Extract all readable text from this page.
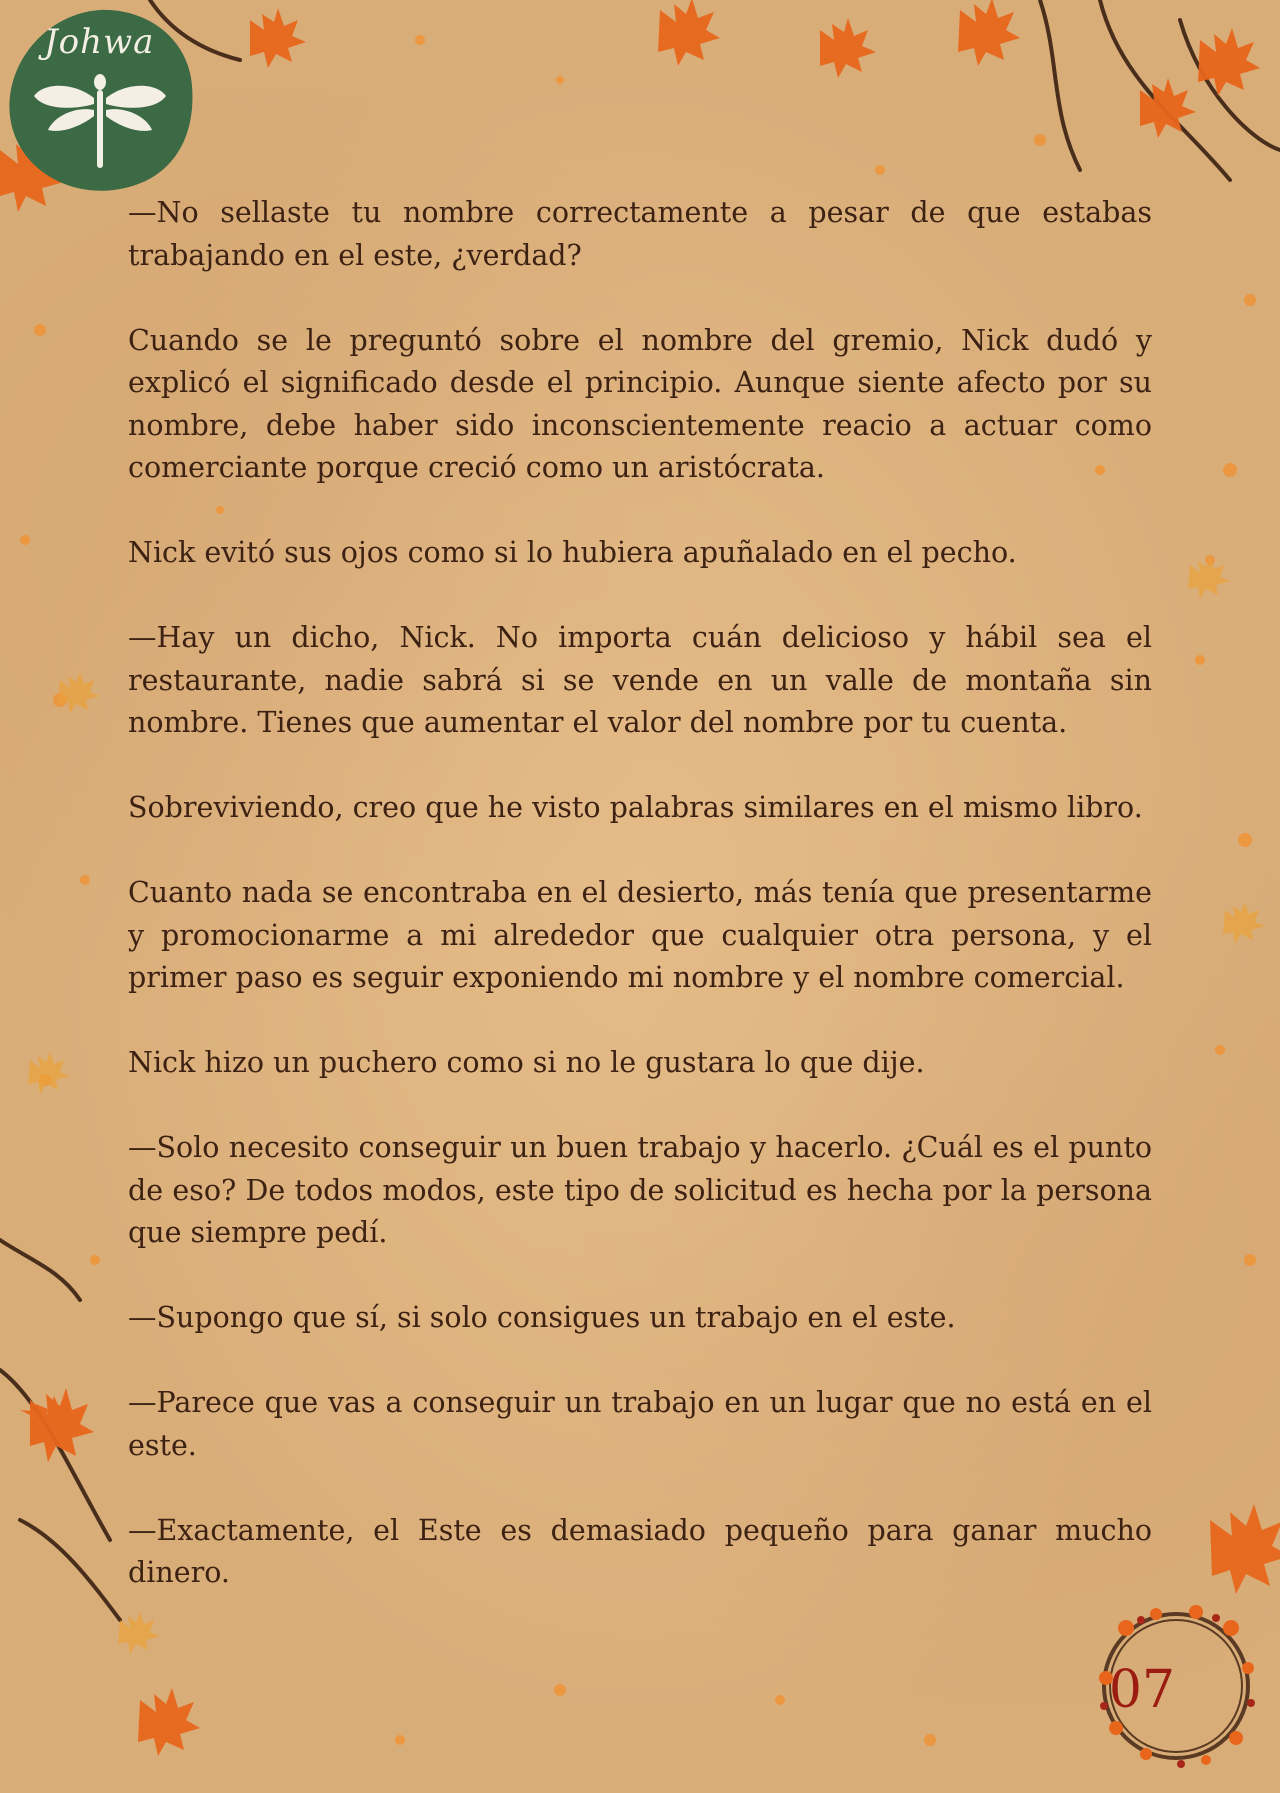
Johwa

—No sellaste tu nombre correctamente a pesar de que estabas trabajando en el este, ¿verdad?

Cuando se le preguntó sobre el nombre del gremio, Nick dudó y explicó el significado desde el principio. Aunque siente afecto por su nombre, debe haber sido inconscientemente reacio a actuar como comerciante porque creció como un aristócrata.

Nick evitó sus ojos como si lo hubiera apuñalado en el pecho.

—Hay un dicho, Nick. No importa cuán delicioso y hábil sea el restaurante, nadie sabrá si se vende en un valle de montaña sin nombre. Tienes que aumentar el valor del nombre por tu cuenta.

Sobreviviendo, creo que he visto palabras similares en el mismo libro.

Cuanto nada se encontraba en el desierto, más tenía que presentarme y promocionarme a mi alrededor que cualquier otra persona, y el primer paso es seguir exponiendo mi nombre y el nombre comercial.

Nick hizo un puchero como si no le gustara lo que dije.

—Solo necesito conseguir un buen trabajo y hacerlo. ¿Cuál es el punto de eso? De todos modos, este tipo de solicitud es hecha por la persona que siempre pedí.

—Supongo que sí, si solo consigues un trabajo en el este.

—Parece que vas a conseguir un trabajo en un lugar que no está en el este.

—Exactamente, el Este es demasiado pequeño para ganar mucho dinero.

07
